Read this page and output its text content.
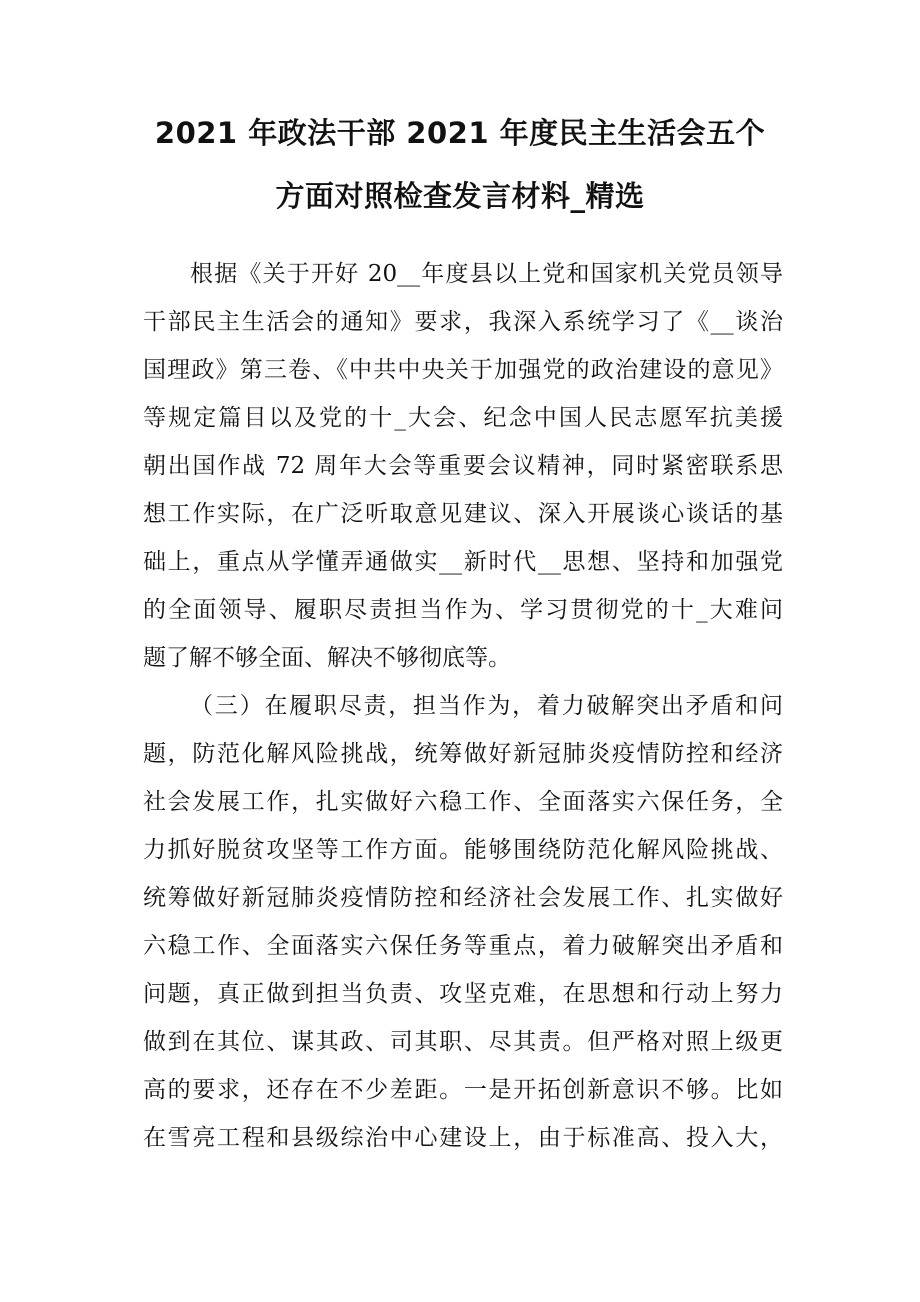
2021 年政法干部 2021 年度民主生活会五个
方面对照检查发言材料_精选

根据《关于开好 20__年度县以上党和国家机关党员领导

干部民主生活会的通知》要求，我深入系统学习了《__谈治

国理政》第三卷、《中共中央关于加强党的政治建设的意见》

等规定篇目以及党的十_大会、纪念中国人民志愿军抗美援

朝出国作战 72 周年大会等重要会议精神，同时紧密联系思

想工作实际，在广泛听取意见建议、深入开展谈心谈话的基

础上，重点从学懂弄通做实__新时代__思想、坚持和加强党

的全面领导、履职尽责担当作为、学习贯彻党的十_大难问

题了解不够全面、解决不够彻底等。

（三）在履职尽责，担当作为，着力破解突出矛盾和问

题，防范化解风险挑战，统筹做好新冠肺炎疫情防控和经济

社会发展工作，扎实做好六稳工作、全面落实六保任务，全

力抓好脱贫攻坚等工作方面。能够围绕防范化解风险挑战、

统筹做好新冠肺炎疫情防控和经济社会发展工作、扎实做好

六稳工作、全面落实六保任务等重点，着力破解突出矛盾和

问题，真正做到担当负责、攻坚克难，在思想和行动上努力

做到在其位、谋其政、司其职、尽其责。但严格对照上级更

高的要求，还存在不少差距。一是开拓创新意识不够。比如

在雪亮工程和县级综治中心建设上，由于标准高、投入大，
